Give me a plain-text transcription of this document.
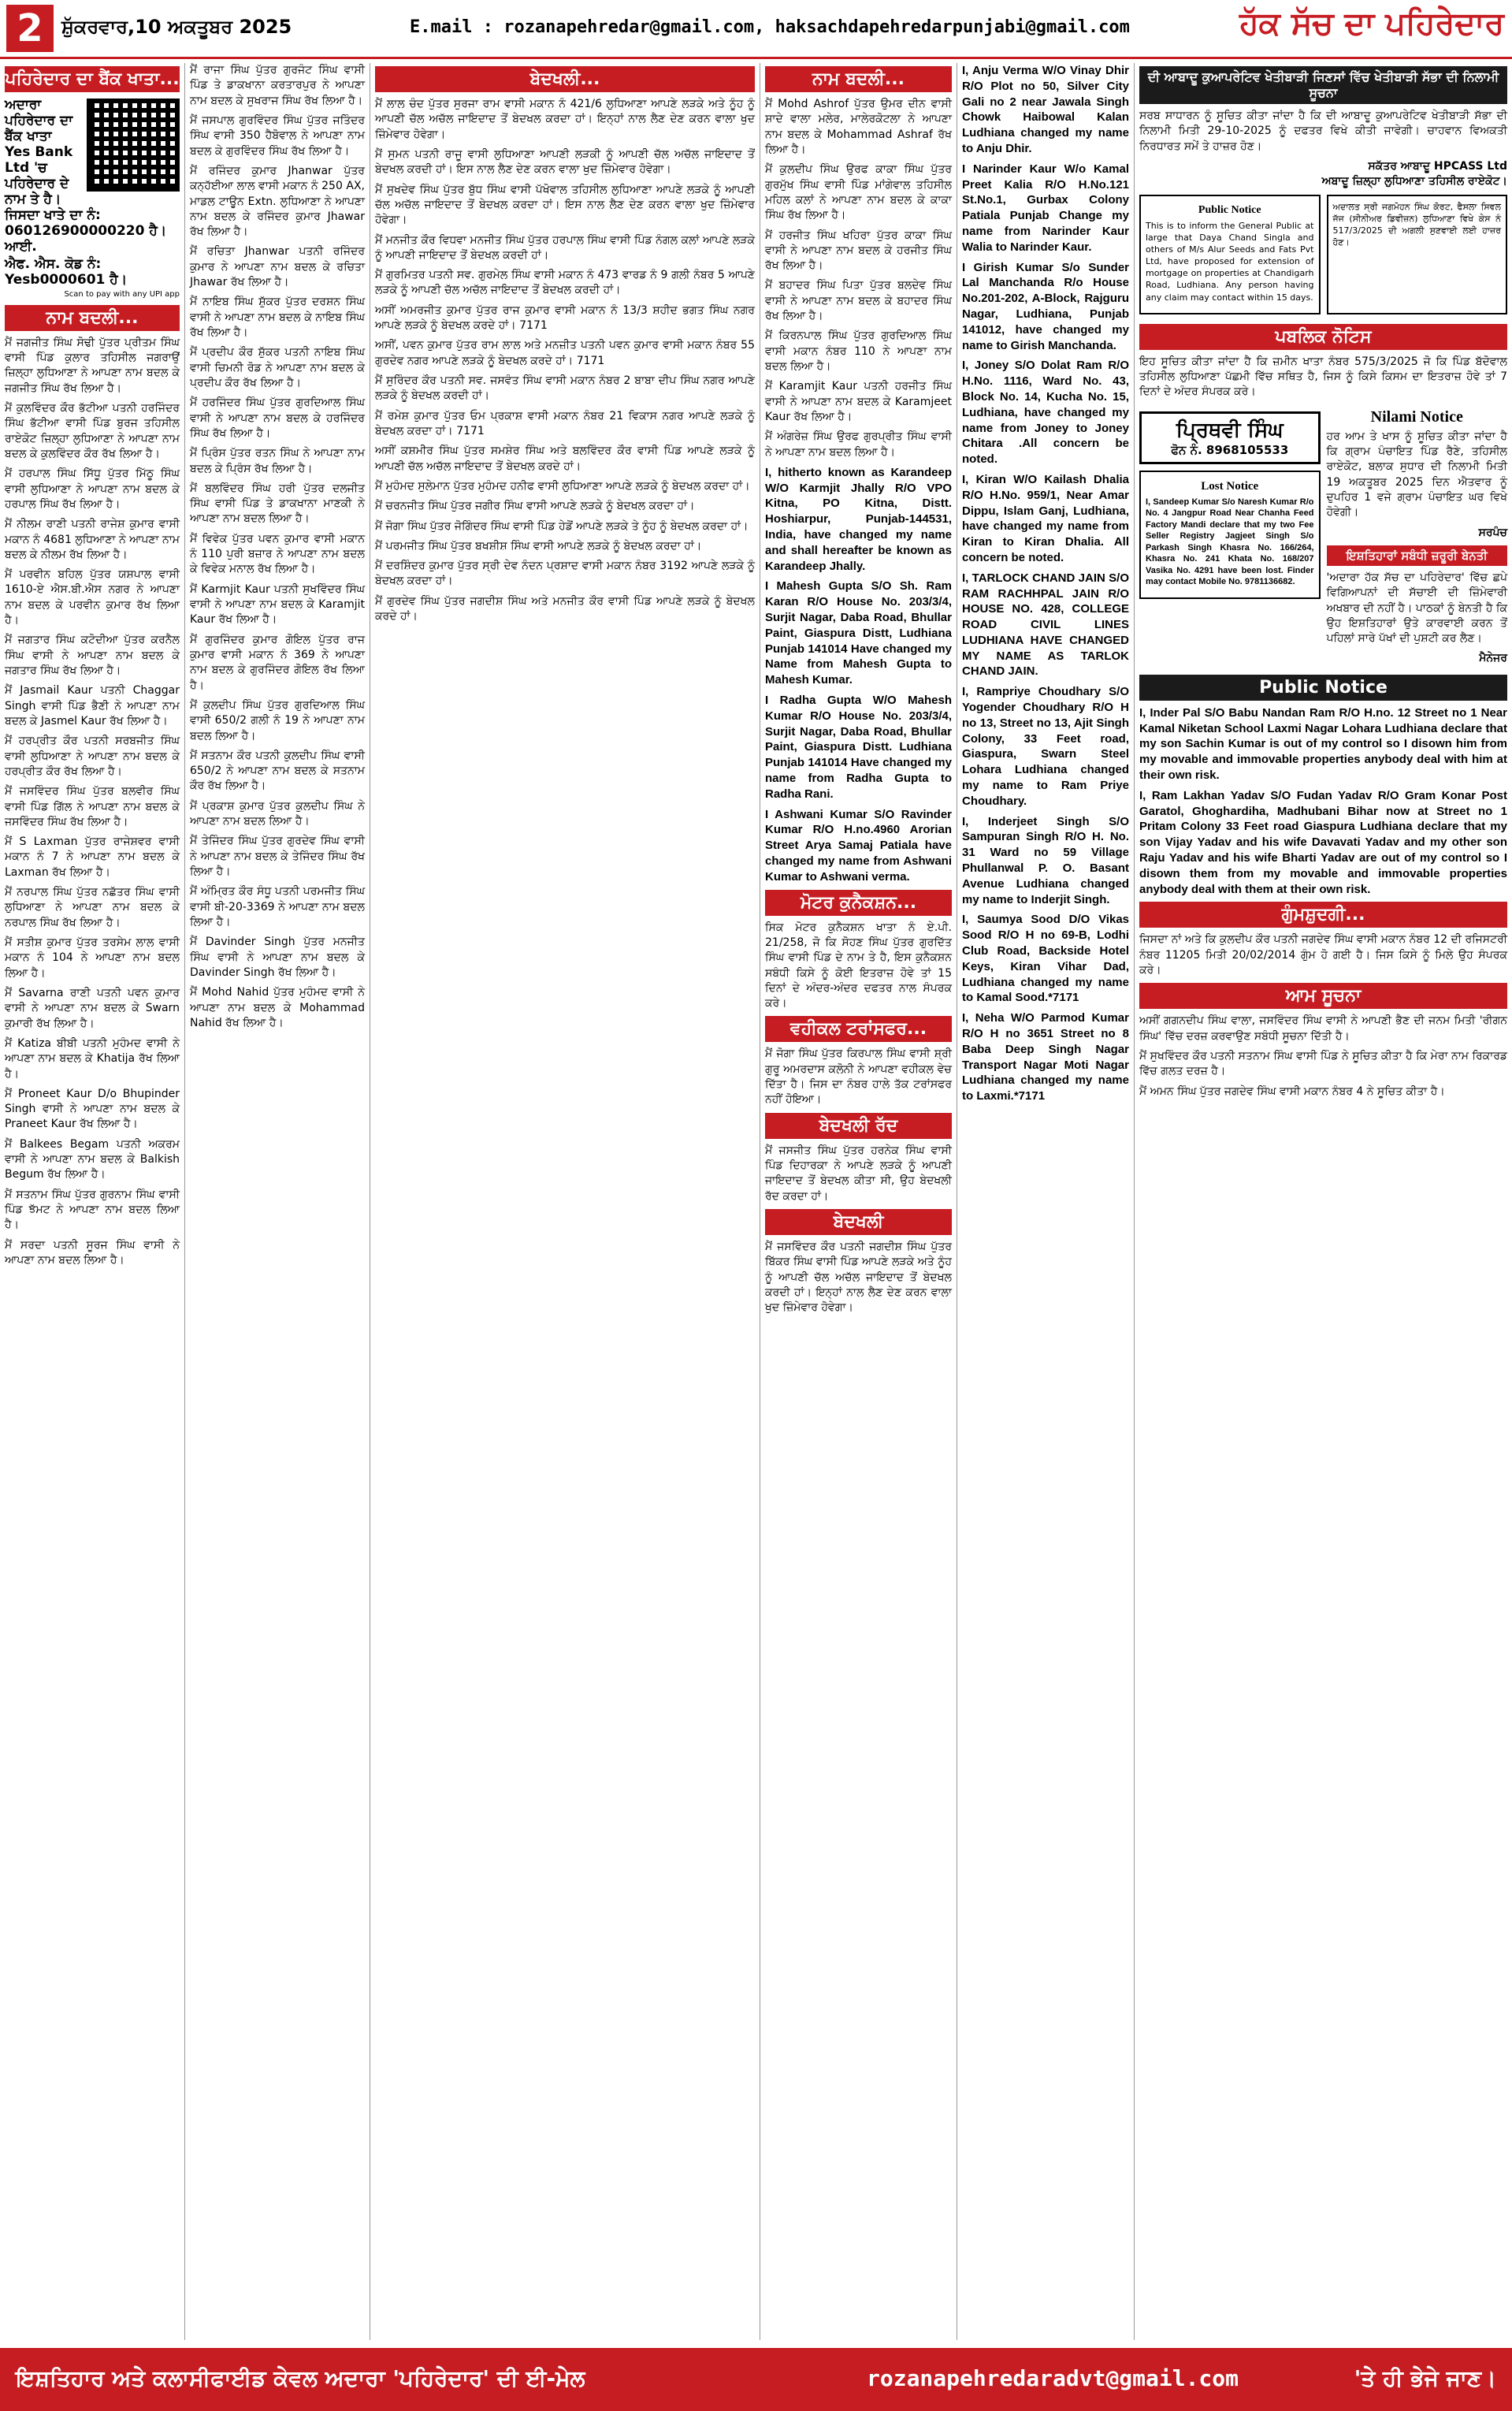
2 ਸ਼ੁੱਕਰਵਾਰ,10 ਅਕਤੂਬਰ 2025	E.mail : rozanapehredar@gmail.com, haksachdapehredarpunjabi@gmail.com	ਹੱਕ ਸੱਚ ਦਾ ਪਹਿਰੇਦਾਰ
ਪਹਿਰੇਦਾਰ ਦਾ ਬੈਂਕ ਖਾਤਾ...
ਅਦਾਰਾ ਪਹਿਰੇਦਾਰ ਦਾ ਬੈਂਕ ਖਾਤਾ Yes Bank Ltd 'ਚ ਪਹਿਰੇਦਾਰ ਦੇ ਨਾਮ ਤੇ ਹੈ। ਜਿਸਦਾ ਖਾਤੇ ਦਾ ਨੰ: 060126900000220 ਹੈ। ਆਈ.
ਐਫ. ਐਸ. ਕੋਡ ਨੰ: Yesb0000601 ਹੈ।
Scan to pay with any UPI app
ਨਾਮ ਬਦਲੀ...
ਮੈਂ ਜਗਜੀਤ ਸਿੰਘ ਸੋਢੀ ਪੁੱਤਰ ਪ੍ਰੀਤਮ ਸਿੰਘ ਵਾਸੀ ਪਿੰਡ ਕੁਲਾਰ ਤਹਿਸੀਲ ਜਗਰਾਉਂ ਜ਼ਿਲ੍ਹਾ ਲੁਧਿਆਣਾ ਨੇ ਆਪਣਾ ਨਾਮ ਬਦਲ ਕੇ ਜਗਜੀਤ ਸਿੰਘ ਰੱਖ ਲਿਆ ਹੈ।
ਮੈਂ ਕੁਲਵਿੰਦਰ ਕੌਰ ਭੱਟੀਆ ਪਤਨੀ ਹਰਜਿੰਦਰ ਸਿੰਘ ਭੱਟੀਆ ਵਾਸੀ ਪਿੰਡ ਬੁਰਜ ਤਹਿਸੀਲ ਰਾਏਕੋਟ ਜ਼ਿਲ੍ਹਾ ਲੁਧਿਆਣਾ ਨੇ ਆਪਣਾ ਨਾਮ ਬਦਲ ਕੇ ਕੁਲਵਿੰਦਰ ਕੌਰ ਰੱਖ ਲਿਆ ਹੈ।
ਮੈਂ ਹਰਪਾਲ ਸਿੰਘ ਸਿੱਧੂ ਪੁੱਤਰ ਮਿੱਠੂ ਸਿੰਘ ਵਾਸੀ ਲੁਧਿਆਣਾ ਨੇ ਆਪਣਾ ਨਾਮ ਬਦਲ ਕੇ ਹਰਪਾਲ ਸਿੰਘ ਰੱਖ ਲਿਆ ਹੈ।
ਮੈਂ ਨੀਲਮ ਰਾਣੀ ਪਤਨੀ ਰਾਜੇਸ਼ ਕੁਮਾਰ ਵਾਸੀ ਮਕਾਨ ਨੰ 4681 ਲੁਧਿਆਣਾ ਨੇ ਆਪਣਾ ਨਾਮ ਬਦਲ ਕੇ ਨੀਲਮ ਰੱਖ ਲਿਆ ਹੈ।
ਮੈਂ ਪਰਵੀਨ ਬਹਿਲ ਪੁੱਤਰ ਯਸ਼ਪਾਲ ਵਾਸੀ 1610-ਏ ਐਸ.ਬੀ.ਐਸ ਨਗਰ ਨੇ ਆਪਣਾ ਨਾਮ ਬਦਲ ਕੇ ਪਰਵੀਨ ਕੁਮਾਰ ਰੱਖ ਲਿਆ ਹੈ।
ਮੈਂ ਜਗਤਾਰ ਸਿੰਘ ਕਟੋਦੀਆ ਪੁੱਤਰ ਕਰਨੈਲ ਸਿੰਘ ਵਾਸੀ ਨੇ ਆਪਣਾ ਨਾਮ ਬਦਲ ਕੇ ਜਗਤਾਰ ਸਿੰਘ ਰੱਖ ਲਿਆ ਹੈ।
ਮੈਂ Jasmail Kaur ਪਤਨੀ Chaggar Singh ਵਾਸੀ ਪਿੰਡ ਭੈਣੀ ਨੇ ਆਪਣਾ ਨਾਮ ਬਦਲ ਕੇ Jasmel Kaur ਰੱਖ ਲਿਆ ਹੈ।
ਮੈਂ ਹਰਪ੍ਰੀਤ ਕੌਰ ਪਤਨੀ ਸਰਬਜੀਤ ਸਿੰਘ ਵਾਸੀ ਲੁਧਿਆਣਾ ਨੇ ਆਪਣਾ ਨਾਮ ਬਦਲ ਕੇ ਹਰਪ੍ਰੀਤ ਕੌਰ ਰੱਖ ਲਿਆ ਹੈ।
ਮੈਂ ਜਸਵਿੰਦਰ ਸਿੰਘ ਪੁੱਤਰ ਬਲਵੀਰ ਸਿੰਘ ਵਾਸੀ ਪਿੰਡ ਗਿੱਲ ਨੇ ਆਪਣਾ ਨਾਮ ਬਦਲ ਕੇ ਜਸਵਿੰਦਰ ਸਿੰਘ ਰੱਖ ਲਿਆ ਹੈ।
ਮੈਂ S Laxman ਪੁੱਤਰ ਰਾਜੇਸ਼ਵਰ ਵਾਸੀ ਮਕਾਨ ਨੰ 7 ਨੇ ਆਪਣਾ ਨਾਮ ਬਦਲ ਕੇ Laxman ਰੱਖ ਲਿਆ ਹੈ।
ਮੈਂ ਨਰਪਾਲ ਸਿੰਘ ਪੁੱਤਰ ਨਛੱਤਰ ਸਿੰਘ ਵਾਸੀ ਲੁਧਿਆਣਾ ਨੇ ਆਪਣਾ ਨਾਮ ਬਦਲ ਕੇ ਨਰਪਾਲ ਸਿੰਘ ਰੱਖ ਲਿਆ ਹੈ।
ਮੈਂ ਸਤੀਸ਼ ਕੁਮਾਰ ਪੁੱਤਰ ਤਰਸੇਮ ਲਾਲ ਵਾਸੀ ਮਕਾਨ ਨੰ 104 ਨੇ ਆਪਣਾ ਨਾਮ ਬਦਲ ਲਿਆ ਹੈ।
ਮੈਂ Savarna ਰਾਣੀ ਪਤਨੀ ਪਵਨ ਕੁਮਾਰ ਵਾਸੀ ਨੇ ਆਪਣਾ ਨਾਮ ਬਦਲ ਕੇ Swarn ਕੁਮਾਰੀ ਰੱਖ ਲਿਆ ਹੈ।
ਮੈਂ Katiza ਬੀਬੀ ਪਤਨੀ ਮੁਹੰਮਦ ਵਾਸੀ ਨੇ ਆਪਣਾ ਨਾਮ ਬਦਲ ਕੇ Khatija ਰੱਖ ਲਿਆ ਹੈ।
ਮੈਂ Proneet Kaur D/o Bhupinder Singh ਵਾਸੀ ਨੇ ਆਪਣਾ ਨਾਮ ਬਦਲ ਕੇ Praneet Kaur ਰੱਖ ਲਿਆ ਹੈ।
ਮੈਂ Balkees Begam ਪਤਨੀ ਅਕਰਮ ਵਾਸੀ ਨੇ ਆਪਣਾ ਨਾਮ ਬਦਲ ਕੇ Balkish Begum ਰੱਖ ਲਿਆ ਹੈ।
ਮੈਂ ਸਤਨਾਮ ਸਿੰਘ ਪੁੱਤਰ ਗੁਰਨਾਮ ਸਿੰਘ ਵਾਸੀ ਪਿੰਡ ਝੱਮਟ ਨੇ ਆਪਣਾ ਨਾਮ ਬਦਲ ਲਿਆ ਹੈ।
ਮੈਂ ਸਰਦਾ ਪਤਨੀ ਸੂਰਜ ਸਿੰਘ ਵਾਸੀ ਨੇ ਆਪਣਾ ਨਾਮ ਬਦਲ ਲਿਆ ਹੈ।
ਮੈਂ ਰਾਜਾ ਸਿੰਘ ਪੁੱਤਰ ਗੁਰਜੰਟ ਸਿੰਘ ਵਾਸੀ ਪਿੰਡ ਤੇ ਡਾਕਖਾਨਾ ਕਰਤਾਰਪੁਰ ਨੇ ਆਪਣਾ ਨਾਮ ਬਦਲ ਕੇ ਸੁਖਰਾਜ ਸਿੰਘ ਰੱਖ ਲਿਆ ਹੈ।
ਮੈਂ ਜਸਪਾਲ ਗੁਰਵਿੰਦਰ ਸਿੰਘ ਪੁੱਤਰ ਜਤਿੰਦਰ ਸਿੰਘ ਵਾਸੀ 350 ਹੈਬੋਵਾਲ ਨੇ ਆਪਣਾ ਨਾਮ ਬਦਲ ਕੇ ਗੁਰਵਿੰਦਰ ਸਿੰਘ ਰੱਖ ਲਿਆ ਹੈ।
ਮੈਂ ਰਜਿੰਦਰ ਕੁਮਾਰ Jhanwar ਪੁੱਤਰ ਕਨ੍ਹੱਈਆ ਲਾਲ ਵਾਸੀ ਮਕਾਨ ਨੰ 250 AX, ਮਾਡਲ ਟਾਊਨ Extn. ਲੁਧਿਆਣਾ ਨੇ ਆਪਣਾ ਨਾਮ ਬਦਲ ਕੇ ਰਜਿੰਦਰ ਕੁਮਾਰ Jhawar ਰੱਖ ਲਿਆ ਹੈ।
ਮੈਂ ਰਚਿਤਾ Jhanwar ਪਤਨੀ ਰਜਿੰਦਰ ਕੁਮਾਰ ਨੇ ਆਪਣਾ ਨਾਮ ਬਦਲ ਕੇ ਰਚਿਤਾ Jhawar ਰੱਖ ਲਿਆ ਹੈ।
ਮੈਂ ਨਾਇਬ ਸਿੰਘ ਸ਼ੁੱਕਰ ਪੁੱਤਰ ਦਰਸ਼ਨ ਸਿੰਘ ਵਾਸੀ ਨੇ ਆਪਣਾ ਨਾਮ ਬਦਲ ਕੇ ਨਾਇਬ ਸਿੰਘ ਰੱਖ ਲਿਆ ਹੈ।
ਮੈਂ ਪ੍ਰਦੀਪ ਕੌਰ ਸ਼ੁੱਕਰ ਪਤਨੀ ਨਾਇਬ ਸਿੰਘ ਵਾਸੀ ਚਿਮਨੀ ਰੋਡ ਨੇ ਆਪਣਾ ਨਾਮ ਬਦਲ ਕੇ ਪ੍ਰਦੀਪ ਕੌਰ ਰੱਖ ਲਿਆ ਹੈ।
ਮੈਂ ਹਰਜਿੰਦਰ ਸਿੰਘ ਪੁੱਤਰ ਗੁਰਦਿਆਲ ਸਿੰਘ ਵਾਸੀ ਨੇ ਆਪਣਾ ਨਾਮ ਬਦਲ ਕੇ ਹਰਜਿੰਦਰ ਸਿੰਘ ਰੱਖ ਲਿਆ ਹੈ।
ਮੈਂ ਪ੍ਰਿੰਸ ਪੁੱਤਰ ਰਤਨ ਸਿੰਘ ਨੇ ਆਪਣਾ ਨਾਮ ਬਦਲ ਕੇ ਪ੍ਰਿੰਸ ਰੱਖ ਲਿਆ ਹੈ।
ਮੈਂ ਬਲਵਿੰਦਰ ਸਿੰਘ ਹਰੀ ਪੁੱਤਰ ਦਲਜੀਤ ਸਿੰਘ ਵਾਸੀ ਪਿੰਡ ਤੇ ਡਾਕਖਾਨਾ ਮਾਣਕੀ ਨੇ ਆਪਣਾ ਨਾਮ ਬਦਲ ਲਿਆ ਹੈ।
ਮੈਂ ਵਿਵੇਕ ਪੁੱਤਰ ਪਵਨ ਕੁਮਾਰ ਵਾਸੀ ਮਕਾਨ ਨੰ 110 ਪੁਰੀ ਬਜ਼ਾਰ ਨੇ ਆਪਣਾ ਨਾਮ ਬਦਲ ਕੇ ਵਿਵੇਕ ਮਨਾਲ ਰੱਖ ਲਿਆ ਹੈ।
ਮੈਂ Karmjit Kaur ਪਤਨੀ ਸੁਖਵਿੰਦਰ ਸਿੰਘ ਵਾਸੀ ਨੇ ਆਪਣਾ ਨਾਮ ਬਦਲ ਕੇ Karamjit Kaur ਰੱਖ ਲਿਆ ਹੈ।
ਮੈਂ ਗੁਰਜਿੰਦਰ ਕੁਮਾਰ ਗੋਇਲ ਪੁੱਤਰ ਰਾਜ ਕੁਮਾਰ ਵਾਸੀ ਮਕਾਨ ਨੰ 369 ਨੇ ਆਪਣਾ ਨਾਮ ਬਦਲ ਕੇ ਗੁਰਜਿੰਦਰ ਗੋਇਲ ਰੱਖ ਲਿਆ ਹੈ।
ਮੈਂ ਕੁਲਦੀਪ ਸਿੰਘ ਪੁੱਤਰ ਗੁਰਦਿਆਲ ਸਿੰਘ ਵਾਸੀ 650/2 ਗਲੀ ਨੰ 19 ਨੇ ਆਪਣਾ ਨਾਮ ਬਦਲ ਲਿਆ ਹੈ।
ਮੈਂ ਸਤਨਾਮ ਕੌਰ ਪਤਨੀ ਕੁਲਦੀਪ ਸਿੰਘ ਵਾਸੀ 650/2 ਨੇ ਆਪਣਾ ਨਾਮ ਬਦਲ ਕੇ ਸਤਨਾਮ ਕੌਰ ਰੱਖ ਲਿਆ ਹੈ।
ਮੈਂ ਪ੍ਰਕਾਸ਼ ਕੁਮਾਰ ਪੁੱਤਰ ਕੁਲਦੀਪ ਸਿੰਘ ਨੇ ਆਪਣਾ ਨਾਮ ਬਦਲ ਲਿਆ ਹੈ।
ਮੈਂ ਤੇਜਿੰਦਰ ਸਿੰਘ ਪੁੱਤਰ ਗੁਰਦੇਵ ਸਿੰਘ ਵਾਸੀ ਨੇ ਆਪਣਾ ਨਾਮ ਬਦਲ ਕੇ ਤੇਜਿੰਦਰ ਸਿੰਘ ਰੱਖ ਲਿਆ ਹੈ।
ਮੈਂ ਅੰਮ੍ਰਿਤ ਕੌਰ ਸੰਧੂ ਪਤਨੀ ਪਰਮਜੀਤ ਸਿੰਘ ਵਾਸੀ ਬੀ-20-3369 ਨੇ ਆਪਣਾ ਨਾਮ ਬਦਲ ਲਿਆ ਹੈ।
ਮੈਂ Davinder Singh ਪੁੱਤਰ ਮਨਜੀਤ ਸਿੰਘ ਵਾਸੀ ਨੇ ਆਪਣਾ ਨਾਮ ਬਦਲ ਕੇ Davinder Singh ਰੱਖ ਲਿਆ ਹੈ।
ਮੈਂ Mohd Nahid ਪੁੱਤਰ ਮੁਹੰਮਦ ਵਾਸੀ ਨੇ ਆਪਣਾ ਨਾਮ ਬਦਲ ਕੇ Mohammad Nahid ਰੱਖ ਲਿਆ ਹੈ।
ਬੇਦਖਲੀ...
ਮੈਂ ਲਾਲ ਚੰਦ ਪੁੱਤਰ ਸੁਰਜਾ ਰਾਮ ਵਾਸੀ ਮਕਾਨ ਨੰ 421/6 ਲੁਧਿਆਣਾ ਆਪਣੇ ਲੜਕੇ ਅਤੇ ਨੂੰਹ ਨੂੰ ਆਪਣੀ ਚੱਲ ਅਚੱਲ ਜਾਇਦਾਦ ਤੋਂ ਬੇਦਖਲ ਕਰਦਾ ਹਾਂ। ਇਨ੍ਹਾਂ ਨਾਲ ਲੈਣ ਦੇਣ ਕਰਨ ਵਾਲਾ ਖੁਦ ਜ਼ਿੰਮੇਵਾਰ ਹੋਵੇਗਾ।
ਮੈਂ ਸੁਮਨ ਪਤਨੀ ਰਾਜੂ ਵਾਸੀ ਲੁਧਿਆਣਾ ਆਪਣੀ ਲੜਕੀ ਨੂੰ ਆਪਣੀ ਚੱਲ ਅਚੱਲ ਜਾਇਦਾਦ ਤੋਂ ਬੇਦਖਲ ਕਰਦੀ ਹਾਂ। ਇਸ ਨਾਲ ਲੈਣ ਦੇਣ ਕਰਨ ਵਾਲਾ ਖੁਦ ਜ਼ਿੰਮੇਵਾਰ ਹੋਵੇਗਾ।
ਮੈਂ ਸੁਖਦੇਵ ਸਿੰਘ ਪੁੱਤਰ ਬੁੱਧ ਸਿੰਘ ਵਾਸੀ ਪੱਖੋਵਾਲ ਤਹਿਸੀਲ ਲੁਧਿਆਣਾ ਆਪਣੇ ਲੜਕੇ ਨੂੰ ਆਪਣੀ ਚੱਲ ਅਚੱਲ ਜਾਇਦਾਦ ਤੋਂ ਬੇਦਖਲ ਕਰਦਾ ਹਾਂ। ਇਸ ਨਾਲ ਲੈਣ ਦੇਣ ਕਰਨ ਵਾਲਾ ਖੁਦ ਜ਼ਿੰਮੇਵਾਰ ਹੋਵੇਗਾ।
ਮੈਂ ਮਨਜੀਤ ਕੌਰ ਵਿਧਵਾ ਮਨਜੀਤ ਸਿੰਘ ਪੁੱਤਰ ਹਰਪਾਲ ਸਿੰਘ ਵਾਸੀ ਪਿੰਡ ਨੰਗਲ ਕਲਾਂ ਆਪਣੇ ਲੜਕੇ ਨੂੰ ਆਪਣੀ ਜਾਇਦਾਦ ਤੋਂ ਬੇਦਖਲ ਕਰਦੀ ਹਾਂ।
ਮੈਂ ਗੁਰਮਿਤਰ ਪਤਨੀ ਸਵ. ਗੁਰਮੇਲ ਸਿੰਘ ਵਾਸੀ ਮਕਾਨ ਨੰ 473 ਵਾਰਡ ਨੰ 9 ਗਲੀ ਨੰਬਰ 5 ਆਪਣੇ ਲੜਕੇ ਨੂੰ ਆਪਣੀ ਚੱਲ ਅਚੱਲ ਜਾਇਦਾਦ ਤੋਂ ਬੇਦਖਲ ਕਰਦੀ ਹਾਂ।
ਅਸੀਂ ਅਮਰਜੀਤ ਕੁਮਾਰ ਪੁੱਤਰ ਰਾਜ ਕੁਮਾਰ ਵਾਸੀ ਮਕਾਨ ਨੰ 13/3 ਸ਼ਹੀਦ ਭਗਤ ਸਿੰਘ ਨਗਰ ਆਪਣੇ ਲੜਕੇ ਨੂੰ ਬੇਦਖਲ ਕਰਦੇ ਹਾਂ। 7171
ਅਸੀਂ, ਪਵਨ ਕੁਮਾਰ ਪੁੱਤਰ ਰਾਮ ਲਾਲ ਅਤੇ ਮਨਜ਼ੀਤ ਪਤਨੀ ਪਵਨ ਕੁਮਾਰ ਵਾਸੀ ਮਕਾਨ ਨੰਬਰ 55 ਗੁਰਦੇਵ ਨਗਰ ਆਪਣੇ ਲੜਕੇ ਨੂੰ ਬੇਦਖਲ ਕਰਦੇ ਹਾਂ। 7171
ਮੈਂ ਸੁਰਿੰਦਰ ਕੌਰ ਪਤਨੀ ਸਵ. ਜਸਵੰਤ ਸਿੰਘ ਵਾਸੀ ਮਕਾਨ ਨੰਬਰ 2 ਬਾਬਾ ਦੀਪ ਸਿੰਘ ਨਗਰ ਆਪਣੇ ਲੜਕੇ ਨੂੰ ਬੇਦਖਲ ਕਰਦੀ ਹਾਂ।
ਮੈਂ ਰਮੇਸ਼ ਕੁਮਾਰ ਪੁੱਤਰ ਓਮ ਪ੍ਰਕਾਸ਼ ਵਾਸੀ ਮਕਾਨ ਨੰਬਰ 21 ਵਿਕਾਸ ਨਗਰ ਆਪਣੇ ਲੜਕੇ ਨੂੰ ਬੇਦਖਲ ਕਰਦਾ ਹਾਂ। 7171
ਅਸੀਂ ਕਸ਼ਮੀਰ ਸਿੰਘ ਪੁੱਤਰ ਸਮਸ਼ੇਰ ਸਿੰਘ ਅਤੇ ਬਲਵਿੰਦਰ ਕੌਰ ਵਾਸੀ ਪਿੰਡ ਆਪਣੇ ਲੜਕੇ ਨੂੰ ਆਪਣੀ ਚੱਲ ਅਚੱਲ ਜਾਇਦਾਦ ਤੋਂ ਬੇਦਖਲ ਕਰਦੇ ਹਾਂ।
ਮੈਂ ਮੁਹੰਮਦ ਸੁਲੇਮਾਨ ਪੁੱਤਰ ਮੁਹੰਮਦ ਹਨੀਫ ਵਾਸੀ ਲੁਧਿਆਣਾ ਆਪਣੇ ਲੜਕੇ ਨੂੰ ਬੇਦਖਲ ਕਰਦਾ ਹਾਂ।
ਮੈਂ ਚਰਨਜੀਤ ਸਿੰਘ ਪੁੱਤਰ ਜਗੀਰ ਸਿੰਘ ਵਾਸੀ ਆਪਣੇ ਲੜਕੇ ਨੂੰ ਬੇਦਖਲ ਕਰਦਾ ਹਾਂ।
ਮੈਂ ਜੋਗਾ ਸਿੰਘ ਪੁੱਤਰ ਜੋਗਿੰਦਰ ਸਿੰਘ ਵਾਸੀ ਪਿੰਡ ਹੇਡੋਂ ਆਪਣੇ ਲੜਕੇ ਤੇ ਨੂੰਹ ਨੂੰ ਬੇਦਖਲ ਕਰਦਾ ਹਾਂ।
ਮੈਂ ਪਰਮਜੀਤ ਸਿੰਘ ਪੁੱਤਰ ਬਖਸ਼ੀਸ਼ ਸਿੰਘ ਵਾਸੀ ਆਪਣੇ ਲੜਕੇ ਨੂੰ ਬੇਦਖਲ ਕਰਦਾ ਹਾਂ।
ਮੈਂ ਦਰਸ਼ਿੰਦਰ ਕੁਮਾਰ ਪੁੱਤਰ ਸ੍ਰੀ ਦੇਵ ਨੰਦਨ ਪ੍ਰਸ਼ਾਦ ਵਾਸੀ ਮਕਾਨ ਨੰਬਰ 3192 ਆਪਣੇ ਲੜਕੇ ਨੂੰ ਬੇਦਖਲ ਕਰਦਾ ਹਾਂ।
ਮੈਂ ਗੁਰਦੇਵ ਸਿੰਘ ਪੁੱਤਰ ਜਗਦੀਸ਼ ਸਿੰਘ ਅਤੇ ਮਨਜੀਤ ਕੌਰ ਵਾਸੀ ਪਿੰਡ ਆਪਣੇ ਲੜਕੇ ਨੂੰ ਬੇਦਖਲ ਕਰਦੇ ਹਾਂ।
ਨਾਮ ਬਦਲੀ...
ਮੈਂ Mohd Ashrof ਪੁੱਤਰ ਉਮਰ ਦੀਨ ਵਾਸੀ ਸ਼ਾਦੇ ਵਾਲਾ ਮਲੇਰ, ਮਾਲੇਰਕੋਟਲਾ ਨੇ ਆਪਣਾ ਨਾਮ ਬਦਲ ਕੇ Mohammad Ashraf ਰੱਖ ਲਿਆ ਹੈ।
ਮੈਂ ਕੁਲਦੀਪ ਸਿੰਘ ਉਰਫ ਕਾਕਾ ਸਿੰਘ ਪੁੱਤਰ ਗੁਰਮੁੱਖ ਸਿੰਘ ਵਾਸੀ ਪਿੰਡ ਮਾਂਗੇਵਾਲ ਤਹਿਸੀਲ ਮਹਿਲ ਕਲਾਂ ਨੇ ਆਪਣਾ ਨਾਮ ਬਦਲ ਕੇ ਕਾਕਾ ਸਿੰਘ ਰੱਖ ਲਿਆ ਹੈ।
ਮੈਂ ਹਰਜੀਤ ਸਿੰਘ ਖਹਿਰਾ ਪੁੱਤਰ ਕਾਕਾ ਸਿੰਘ ਵਾਸੀ ਨੇ ਆਪਣਾ ਨਾਮ ਬਦਲ ਕੇ ਹਰਜੀਤ ਸਿੰਘ ਰੱਖ ਲਿਆ ਹੈ।
ਮੈਂ ਬਹਾਦਰ ਸਿੰਘ ਪਿਤਾ ਪੁੱਤਰ ਬਲਦੇਵ ਸਿੰਘ ਵਾਸੀ ਨੇ ਆਪਣਾ ਨਾਮ ਬਦਲ ਕੇ ਬਹਾਦਰ ਸਿੰਘ ਰੱਖ ਲਿਆ ਹੈ।
ਮੈਂ ਕਿਰਨਪਾਲ ਸਿੰਘ ਪੁੱਤਰ ਗੁਰਦਿਆਲ ਸਿੰਘ ਵਾਸੀ ਮਕਾਨ ਨੰਬਰ 110 ਨੇ ਆਪਣਾ ਨਾਮ ਬਦਲ ਲਿਆ ਹੈ।
ਮੈਂ Karamjit Kaur ਪਤਨੀ ਹਰਜੀਤ ਸਿੰਘ ਵਾਸੀ ਨੇ ਆਪਣਾ ਨਾਮ ਬਦਲ ਕੇ Karamjeet Kaur ਰੱਖ ਲਿਆ ਹੈ।
ਮੈਂ ਅੰਗਰੇਜ਼ ਸਿੰਘ ਉਰਫ ਗੁਰਪ੍ਰੀਤ ਸਿੰਘ ਵਾਸੀ ਨੇ ਆਪਣਾ ਨਾਮ ਬਦਲ ਲਿਆ ਹੈ।
I, hitherto known as Karandeep W/O Karmjit Jhally R/O VPO Kitna, PO Kitna, Distt. Hoshiarpur, Punjab-144531, India, have changed my name and shall hereafter be known as Karandeep Jhally.
I Mahesh Gupta S/O Sh. Ram Karan R/O House No. 203/3/4, Surjit Nagar, Daba Road, Bhullar Paint, Giaspura Distt, Ludhiana Punjab 141014 Have changed my Name from Mahesh Gupta to Mahesh Kumar.
I Radha Gupta W/O Mahesh Kumar R/O House No. 203/3/4, Surjit Nagar, Daba Road, Bhullar Paint, Giaspura Distt. Ludhiana Punjab 141014 Have changed my name from Radha Gupta to Radha Rani.
I Ashwani Kumar S/O Ravinder Kumar R/O H.no.4960 Arorian Street Arya Samaj Patiala have changed my name from Ashwani Kumar to Ashwani verma.
ਮੋਟਰ ਕੁਨੈਕਸ਼ਨ...
ਸਿਕ ਮੋਟਰ ਕੁਨੈਕਸ਼ਨ ਖਾਤਾ ਨੰ ਏ.ਪੀ. 21/258, ਜੋ ਕਿ ਸੋਹਣ ਸਿੰਘ ਪੁੱਤਰ ਗੁਰਦਿੱਤ ਸਿੰਘ ਵਾਸੀ ਪਿੰਡ ਦੇ ਨਾਮ ਤੇ ਹੈ, ਇਸ ਕੁਨੈਕਸ਼ਨ ਸਬੰਧੀ ਕਿਸੇ ਨੂੰ ਕੋਈ ਇਤਰਾਜ਼ ਹੋਵੇ ਤਾਂ 15 ਦਿਨਾਂ ਦੇ ਅੰਦਰ-ਅੰਦਰ ਦਫਤਰ ਨਾਲ ਸੰਪਰਕ ਕਰੇ।
ਵਹੀਕਲ ਟਰਾਂਸਫਰ...
ਮੈਂ ਜੋਗਾ ਸਿੰਘ ਪੁੱਤਰ ਕਿਰਪਾਲ ਸਿੰਘ ਵਾਸੀ ਸ਼੍ਰੀ ਗੁਰੂ ਅਮਰਦਾਸ ਕਲੋਨੀ ਨੇ ਆਪਣਾ ਵਹੀਕਲ ਵੇਚ ਦਿੱਤਾ ਹੈ। ਜਿਸ ਦਾ ਨੰਬਰ ਹਾਲੇ ਤੱਕ ਟਰਾਂਸਫਰ ਨਹੀਂ ਹੋਇਆ।
ਬੇਦਖਲੀ ਰੱਦ
ਮੈਂ ਜਸਜੀਤ ਸਿੰਘ ਪੁੱਤਰ ਹਰਨੇਕ ਸਿੰਘ ਵਾਸੀ ਪਿੰਡ ਦਿਹਾਰਕਾ ਨੇ ਆਪਣੇ ਲੜਕੇ ਨੂੰ ਆਪਣੀ ਜਾਇਦਾਦ ਤੋਂ ਬੇਦਖਲ ਕੀਤਾ ਸੀ, ਉਹ ਬੇਦਖਲੀ ਰੱਦ ਕਰਦਾ ਹਾਂ।
ਬੇਦਖਲੀ
ਮੈਂ ਜਸਵਿੰਦਰ ਕੌਰ ਪਤਨੀ ਜਗਦੀਸ਼ ਸਿੰਘ ਪੁੱਤਰ ਬਿੱਕਰ ਸਿੰਘ ਵਾਸੀ ਪਿੰਡ ਆਪਣੇ ਲੜਕੇ ਅਤੇ ਨੂੰਹ ਨੂੰ ਆਪਣੀ ਚੱਲ ਅਚੱਲ ਜਾਇਦਾਦ ਤੋਂ ਬੇਦਖਲ ਕਰਦੀ ਹਾਂ। ਇਨ੍ਹਾਂ ਨਾਲ ਲੈਣ ਦੇਣ ਕਰਨ ਵਾਲਾ ਖੁਦ ਜ਼ਿੰਮੇਵਾਰ ਹੋਵੇਗਾ।
I, Anju Verma W/O Vinay Dhir R/O Plot no 50, Silver City Gali no 2 near Jawala Singh Chowk Haibowal Kalan Ludhiana changed my name to Anju Dhir.
I Narinder Kaur W/o Kamal Preet Kalia R/O H.No.121 St.No.1, Gurbax Colony Patiala Punjab Change my name from Narinder Kaur Walia to Narinder Kaur.
I Girish Kumar S/o Sunder Lal Manchanda R/o House No.201-202, A-Block, Rajguru Nagar, Ludhiana, Punjab 141012, have changed my name to Girish Manchanda.
I, Joney S/O Dolat Ram R/O H.No. 1116, Ward No. 43, Block No. 14, Kucha No. 15, Ludhiana, have changed my name from Joney to Joney Chitara .All concern be noted.
I, Kiran W/O Kailash Dhalia R/O H.No. 959/1, Near Amar Dippu, Islam Ganj, Ludhiana, have changed my name from Kiran to Kiran Dhalia. All concern be noted.
I, TARLOCK CHAND JAIN S/O RAM RACHHPAL JAIN R/O HOUSE NO. 428, COLLEGE ROAD CIVIL LINES LUDHIANA HAVE CHANGED MY NAME AS TARLOK CHAND JAIN.
I, Rampriye Choudhary S/O Yogender Choudhary R/O H no 13, Street no 13, Ajit Singh Colony, 33 Feet road, Giaspura, Swarn Steel Lohara Ludhiana changed my name to Ram Priye Choudhary.
I, Inderjeet Singh S/O Sampuran Singh R/O H. No. 31 Ward no 59 Village Phullanwal P. O. Basant Avenue Ludhiana changed my name to Inderjit Singh.
I, Saumya Sood D/O Vikas Sood R/O H no 69-B, Lodhi Club Road, Backside Hotel Keys, Kiran Vihar Dad, Ludhiana changed my name to Kamal Sood.*7171
I, Neha W/O Parmod Kumar R/O H no 3651 Street no 8 Baba Deep Singh Nagar Transport Nagar Moti Nagar Ludhiana changed my name to Laxmi.*7171
ਦੀ ਆਬਾਦੂ ਕੁਆਪਰੇਟਿਵ ਖੇਤੀਬਾੜੀ ਜਿਣਸਾਂ ਵਿੱਚ ਖੇਤੀਬਾੜੀ ਸੱਭਾ ਦੀ ਨਿਲਾਮੀ ਸੂਚਨਾ
ਸਰਬ ਸਾਧਾਰਨ ਨੂੰ ਸੂਚਿਤ ਕੀਤਾ ਜਾਂਦਾ ਹੈ ਕਿ ਦੀ ਆਬਾਦੂ ਕੁਆਪਰੇਟਿਵ ਖੇਤੀਬਾੜੀ ਸੱਭਾ ਦੀ ਨਿਲਾਮੀ ਮਿਤੀ 29-10-2025 ਨੂੰ ਦਫਤਰ ਵਿਖੇ ਕੀਤੀ ਜਾਵੇਗੀ। ਚਾਹਵਾਨ ਵਿਅਕਤੀ ਨਿਰਧਾਰਤ ਸਮੇਂ ਤੇ ਹਾਜ਼ਰ ਹੋਣ।
ਸਕੱਤਰ ਆਬਾਦੂ HPCASS Ltd
ਅਬਾਦੂ ਜ਼ਿਲ੍ਹਾ ਲੁਧਿਆਣਾ ਤਹਿਸੀਲ ਰਾਏਕੋਟ।
Public Notice
This is to inform the General Public at large that Daya Chand Singla and others of M/s Alur Seeds and Fats Pvt Ltd, have proposed for extension of mortgage on properties at Chandigarh Road, Ludhiana. Any person having any claim may contact within 15 days.
ਅਦਾਲਤ ਸ੍ਰੀ ਜਗਮੋਹਨ ਸਿੰਘ ਕੋਰਟ, ਫੈਸਲਾ ਸਿਵਲ ਜੱਜ (ਸੀਨੀਅਰ ਡਿਵੀਜ਼ਨ) ਲੁਧਿਆਣਾ ਵਿਖੇ ਕੇਸ ਨੰ 517/3/2025 ਦੀ ਅਗਲੀ ਸੁਣਵਾਈ ਲਈ ਹਾਜ਼ਰ ਹੋਣ।
ਪਬਲਿਕ ਨੋਟਿਸ
ਇਹ ਸੂਚਿਤ ਕੀਤਾ ਜਾਂਦਾ ਹੈ ਕਿ ਜ਼ਮੀਨ ਖਾਤਾ ਨੰਬਰ 575/3/2025 ਜੋ ਕਿ ਪਿੰਡ ਬੱਦੋਵਾਲ ਤਹਿਸੀਲ ਲੁਧਿਆਣਾ ਪੱਛਮੀ ਵਿੱਚ ਸਥਿਤ ਹੈ, ਜਿਸ ਨੂੰ ਕਿਸੇ ਕਿਸਮ ਦਾ ਇਤਰਾਜ਼ ਹੋਵੇ ਤਾਂ 7 ਦਿਨਾਂ ਦੇ ਅੰਦਰ ਸੰਪਰਕ ਕਰੇ।
ਪ੍ਰਿਥਵੀ ਸਿੰਘ
ਫੋਨ ਨੰ. 8968105533
Lost Notice
I, Sandeep Kumar S/o Naresh Kumar R/o No. 4 Jangpur Road Near Chanha Feed Factory Mandi declare that my two Fee Seller Registry Jagjeet Singh S/o Parkash Singh Khasra No. 166/264, Khasra No. 241 Khata No. 168/207 Vasika No. 4291 have been lost. Finder may contact Mobile No. 9781136682.
Nilami Notice
ਹਰ ਆਮ ਤੇ ਖਾਸ ਨੂੰ ਸੂਚਿਤ ਕੀਤਾ ਜਾਂਦਾ ਹੈ ਕਿ ਗ੍ਰਾਮ ਪੰਚਾਇਤ ਪਿੰਡ ਰੈਣੇ, ਤਹਿਸੀਲ ਰਾਏਕੋਟ, ਬਲਾਕ ਸੁਧਾਰ ਦੀ ਨਿਲਾਮੀ ਮਿਤੀ 19 ਅਕਤੂਬਰ 2025 ਦਿਨ ਐਤਵਾਰ ਨੂੰ ਦੁਪਹਿਰ 1 ਵਜੇ ਗ੍ਰਾਮ ਪੰਚਾਇਤ ਘਰ ਵਿਖੇ ਹੋਵੇਗੀ।
ਸਰਪੰਚ
ਇਸ਼ਤਿਹਾਰਾਂ ਸਬੰਧੀ ਜ਼ਰੂਰੀ ਬੇਨਤੀ
'ਅਦਾਰਾ ਹੱਕ ਸੱਚ ਦਾ ਪਹਿਰੇਦਾਰ' ਵਿੱਚ ਛਪੇ ਵਿਗਿਆਪਨਾਂ ਦੀ ਸੱਚਾਈ ਦੀ ਜ਼ਿੰਮੇਵਾਰੀ ਅਖਬਾਰ ਦੀ ਨਹੀਂ ਹੈ। ਪਾਠਕਾਂ ਨੂੰ ਬੇਨਤੀ ਹੈ ਕਿ ਉਹ ਇਸ਼ਤਿਹਾਰਾਂ ਉਤੇ ਕਾਰਵਾਈ ਕਰਨ ਤੋਂ ਪਹਿਲਾਂ ਸਾਰੇ ਪੱਖਾਂ ਦੀ ਪੁਸ਼ਟੀ ਕਰ ਲੈਣ।
ਮੈਨੇਜਰ
Public Notice
I, Inder Pal S/O Babu Nandan Ram R/O H.no. 12 Street no 1 Near Kamal Niketan School Laxmi Nagar Lohara Ludhiana declare that my son Sachin Kumar is out of my control so I disown him from my movable and immovable properties anybody deal with him at their own risk.
I, Ram Lakhan Yadav S/O Fudan Yadav R/O Gram Konar Post Garatol, Ghoghardiha, Madhubani Bihar now at Street no 1 Pritam Colony 33 Feet road Giaspura Ludhiana declare that my son Vijay Yadav and his wife Davavati Yadav and my other son Raju Yadav and his wife Bharti Yadav are out of my control so I disown them from my movable and immovable properties anybody deal with them at their own risk.
ਗੁੰਮਸ਼ੁਦਗੀ...
ਜਿਸਦਾ ਨਾਂ ਅਤੇ ਕਿ ਕੁਲਦੀਪ ਕੌਰ ਪਤਨੀ ਜਗਦੇਵ ਸਿੰਘ ਵਾਸੀ ਮਕਾਨ ਨੰਬਰ 12 ਦੀ ਰਜਿਸਟਰੀ ਨੰਬਰ 11205 ਮਿਤੀ 20/02/2014 ਗੁੰਮ ਹੋ ਗਈ ਹੈ। ਜਿਸ ਕਿਸੇ ਨੂੰ ਮਿਲੇ ਉਹ ਸੰਪਰਕ ਕਰੇ।
ਆਮ ਸੂਚਨਾ
ਅਸੀਂ ਗਗਨਦੀਪ ਸਿੰਘ ਵਾਲਾ, ਜਸਵਿੰਦਰ ਸਿੰਘ ਵਾਸੀ ਨੇ ਆਪਣੀ ਭੈਣ ਦੀ ਜਨਮ ਮਿਤੀ 'ਰੀਗਨ ਸਿੰਘ' ਵਿੱਚ ਦਰਜ਼ ਕਰਵਾਉਣ ਸਬੰਧੀ ਸੂਚਨਾ ਦਿੱਤੀ ਹੈ।
ਮੈਂ ਸੁਖਵਿੰਦਰ ਕੌਰ ਪਤਨੀ ਸਤਨਾਮ ਸਿੰਘ ਵਾਸੀ ਪਿੰਡ ਨੇ ਸੂਚਿਤ ਕੀਤਾ ਹੈ ਕਿ ਮੇਰਾ ਨਾਮ ਰਿਕਾਰਡ ਵਿੱਚ ਗਲਤ ਦਰਜ਼ ਹੈ।
ਮੈਂ ਅਮਨ ਸਿੰਘ ਪੁੱਤਰ ਜਗਦੇਵ ਸਿੰਘ ਵਾਸੀ ਮਕਾਨ ਨੰਬਰ 4 ਨੇ ਸੂਚਿਤ ਕੀਤਾ ਹੈ।
ਇਸ਼ਤਿਹਾਰ ਅਤੇ ਕਲਾਸੀਫਾਈਡ ਕੇਵਲ ਅਦਾਰਾ 'ਪਹਿਰੇਦਾਰ' ਦੀ ਈ-ਮੇਲ	rozanapehredaradvt@gmail.com	'ਤੇ ਹੀ ਭੇਜੇ ਜਾਣ।
